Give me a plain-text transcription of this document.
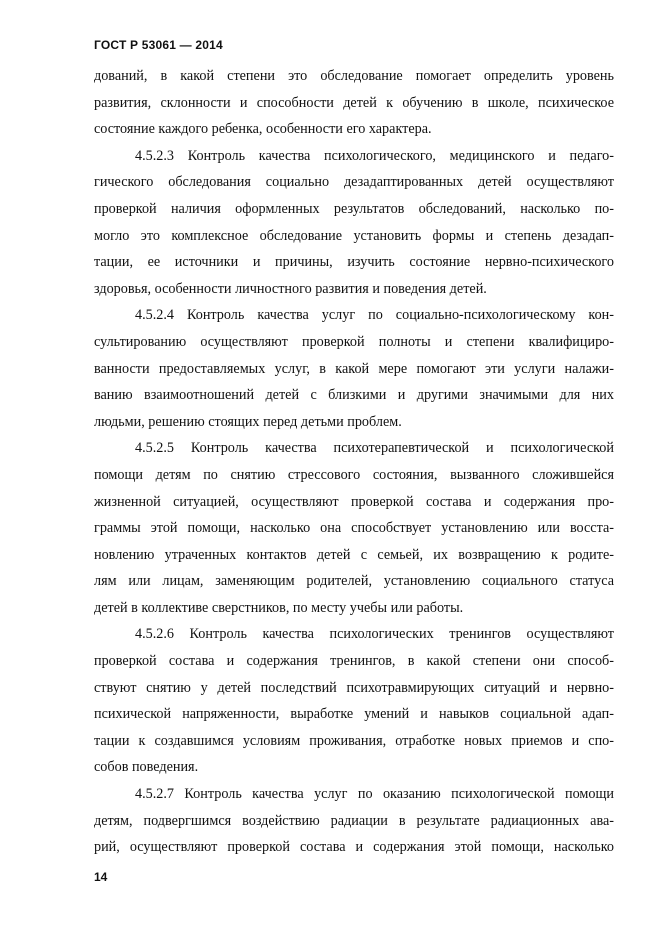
ГОСТ Р 53061 — 2014
дований, в какой степени это обследование помогает определить уровень
развития, склонности и способности детей к обучению в школе, психическое
состояние каждого ребенка, особенности его характера.
4.5.2.3 Контроль качества психологического, медицинского и педаго-
гического обследования социально дезадаптированных детей осуществляют
проверкой наличия оформленных результатов обследований, насколько по-
могло это комплексное обследование установить формы и степень дезадап-
тации, ее источники и причины, изучить состояние нервно-психического
здоровья, особенности личностного развития и поведения детей.
4.5.2.4 Контроль качества услуг по социально-психологическому кон-
сультированию осуществляют проверкой полноты и степени квалифициро-
ванности предоставляемых услуг, в какой мере помогают эти услуги налажи-
ванию взаимоотношений детей с близкими и другими значимыми для них
людьми, решению стоящих перед детьми проблем.
4.5.2.5 Контроль качества психотерапевтической и психологической
помощи детям по снятию стрессового состояния, вызванного сложившейся
жизненной ситуацией, осуществляют проверкой состава и содержания про-
граммы этой помощи, насколько она способствует установлению или восста-
новлению утраченных контактов детей с семьей, их возвращению к родите-
лям или лицам, заменяющим родителей, установлению социального статуса
детей в коллективе сверстников, по месту учебы или работы.
4.5.2.6 Контроль качества психологических тренингов осуществляют
проверкой состава и содержания тренингов, в какой степени они способ-
ствуют снятию у детей последствий психотравмирующих ситуаций и нервно-
психической напряженности, выработке умений и навыков социальной адап-
тации к создавшимся условиям проживания, отработке новых приемов и спо-
собов поведения.
4.5.2.7 Контроль качества услуг по оказанию психологической помощи
детям, подвергшимся воздействию радиации в результате радиационных ава-
рий, осуществляют проверкой состава и содержания этой помощи, насколько
14
